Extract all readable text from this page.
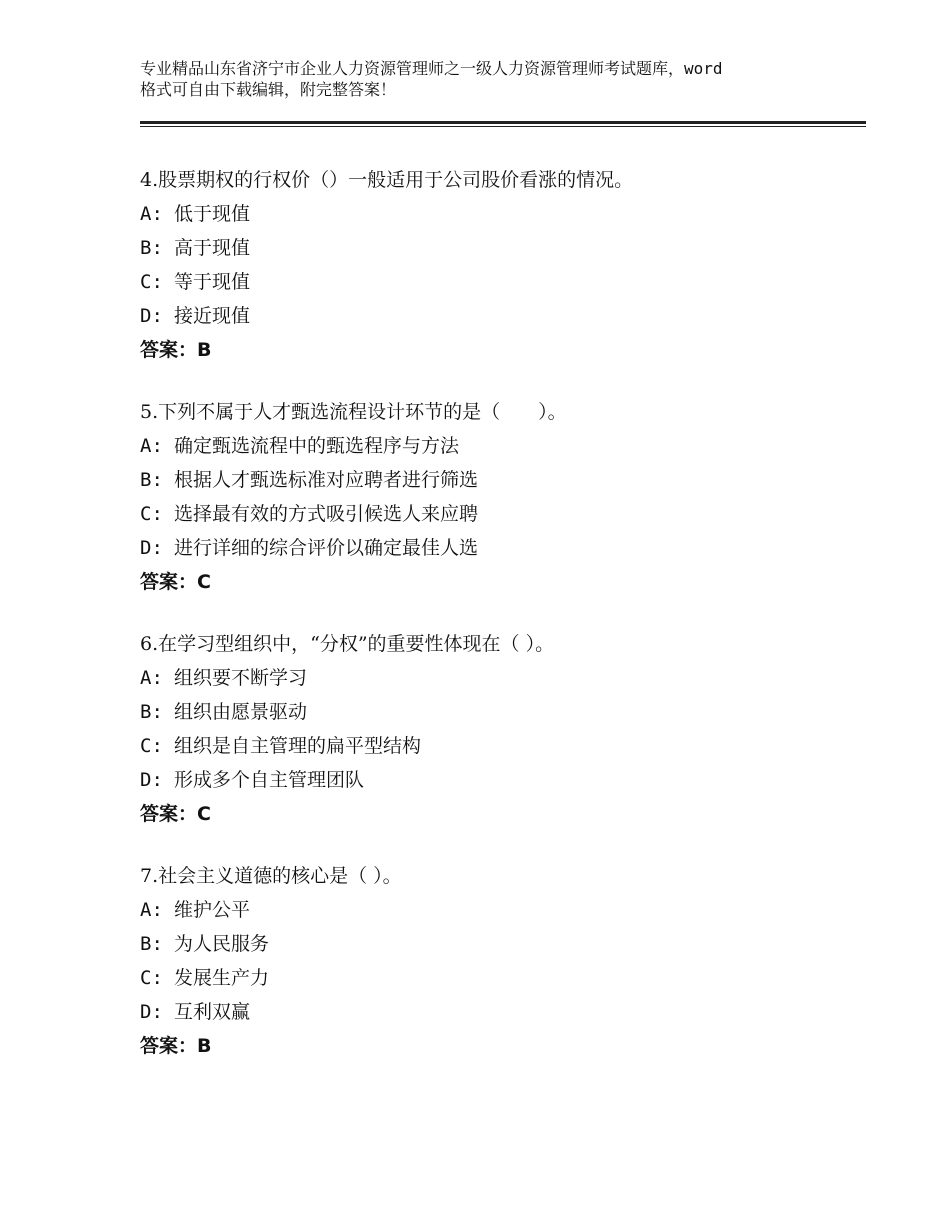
专业精品山东省济宁市企业人力资源管理师之一级人力资源管理师考试题库，word
格式可自由下载编辑，附完整答案！
4.股票期权的行权价（）一般适用于公司股价看涨的情况。
A: 低于现值
B: 高于现值
C: 等于现值
D: 接近现值
答案：B
5.下列不属于人才甄选流程设计环节的是（　　）。
A: 确定甄选流程中的甄选程序与方法
B: 根据人才甄选标准对应聘者进行筛选
C: 选择最有效的方式吸引候选人来应聘
D: 进行详细的综合评价以确定最佳人选
答案：C
6.在学习型组织中，“分权”的重要性体现在（ ）。
A: 组织要不断学习
B: 组织由愿景驱动
C: 组织是自主管理的扁平型结构
D: 形成多个自主管理团队
答案：C
7.社会主义道德的核心是（ ）。
A: 维护公平
B: 为人民服务
C: 发展生产力
D: 互利双赢
答案：B
